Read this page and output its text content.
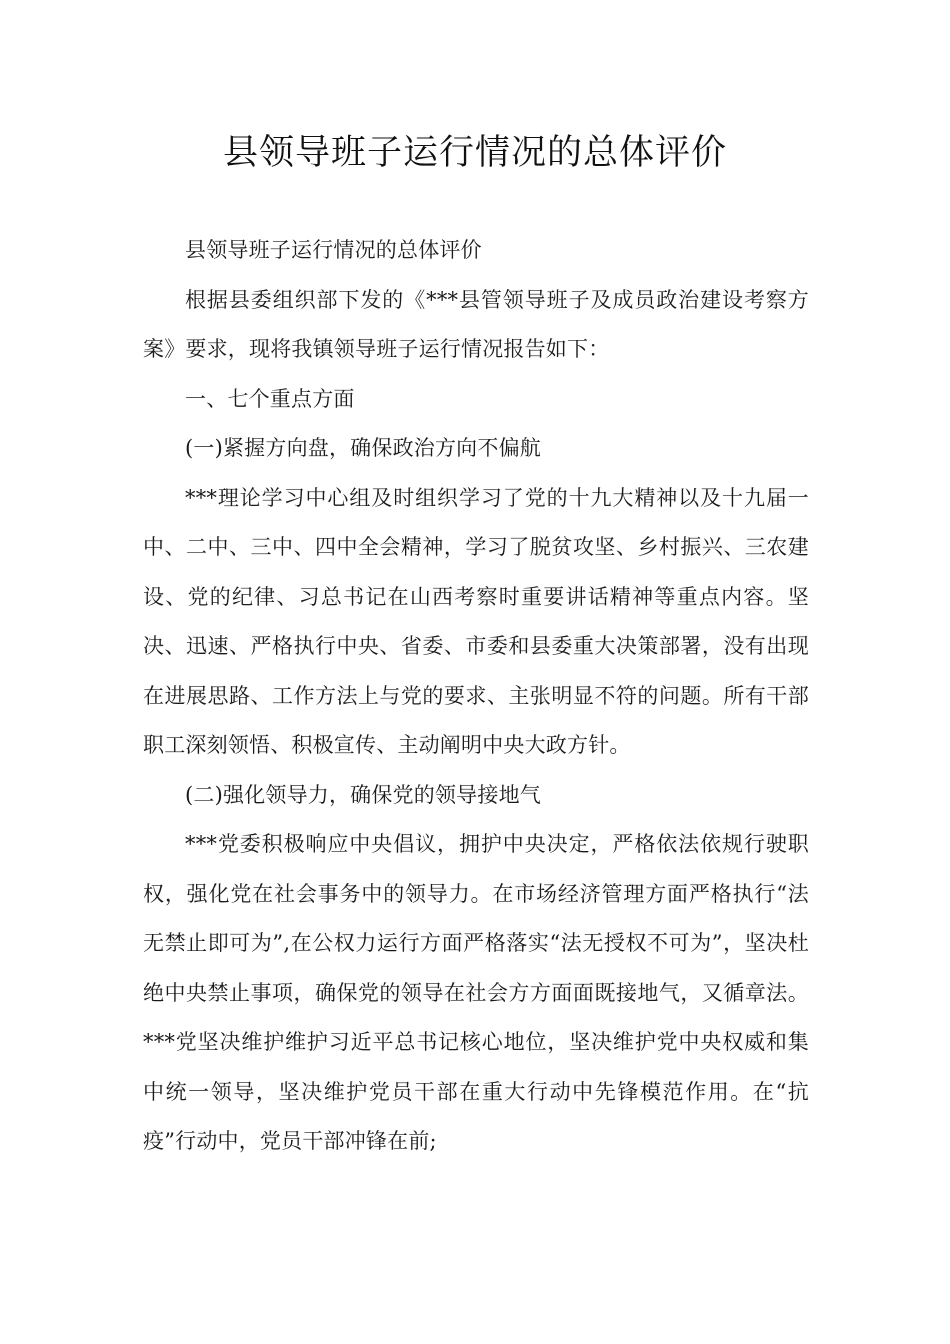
县领导班子运行情况的总体评价

县领导班子运行情况的总体评价

根据县委组织部下发的《***县管领导班子及成员政治建设考察方案》要求，现将我镇领导班子运行情况报告如下：

一、七个重点方面

(一)紧握方向盘，确保政治方向不偏航

***理论学习中心组及时组织学习了党的十九大精神以及十九届一中、二中、三中、四中全会精神，学习了脱贫攻坚、乡村振兴、三农建设、党的纪律、习总书记在山西考察时重要讲话精神等重点内容。坚决、迅速、严格执行中央、省委、市委和县委重大决策部署，没有出现在进展思路、工作方法上与党的要求、主张明显不符的问题。所有干部职工深刻领悟、积极宣传、主动阐明中央大政方针。

(二)强化领导力，确保党的领导接地气

***党委积极响应中央倡议，拥护中央决定，严格依法依规行驶职权，强化党在社会事务中的领导力。在市场经济管理方面严格执行“法无禁止即可为”,在公权力运行方面严格落实“法无授权不可为”，坚决杜绝中央禁止事项，确保党的领导在社会方方面面既接地气，又循章法。***党坚决维护维护习近平总书记核心地位，坚决维护党中央权威和集中统一领导，坚决维护党员干部在重大行动中先锋模范作用。在“抗疫”行动中，党员干部冲锋在前;
